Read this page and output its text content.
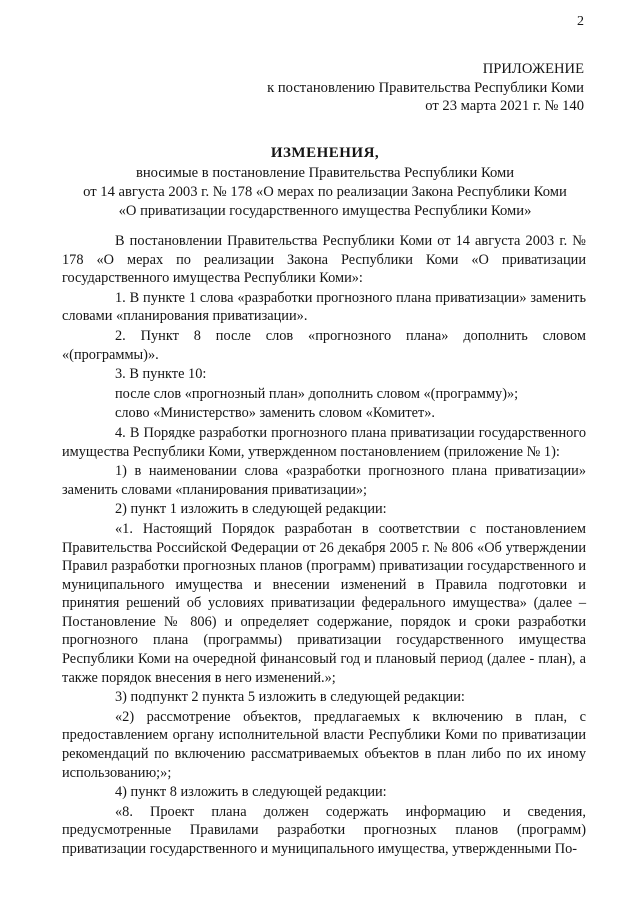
2
ПРИЛОЖЕНИЕ
к постановлению Правительства Республики Коми
от 23 марта 2021 г. № 140
ИЗМЕНЕНИЯ,
вносимые в постановление Правительства Республики Коми
от 14 августа 2003 г. № 178 «О мерах по реализации Закона Республики Коми
«О приватизации государственного имущества Республики Коми»

В постановлении Правительства Республики Коми от 14 августа 2003 г. № 178 «О мерах по реализации Закона Республики Коми «О приватизации государственного имущества Республики Коми»:

1. В пункте 1 слова «разработки прогнозного плана приватизации» заменить словами «планирования приватизации».

2. Пункт 8 после слов «прогнозного плана» дополнить словом «(программы)».

3. В пункте 10:

после слов «прогнозный план» дополнить словом «(программу)»;

слово «Министерство» заменить словом «Комитет».

4. В Порядке разработки прогнозного плана приватизации государственного имущества Республики Коми, утвержденном постановлением (приложение № 1):

1) в наименовании слова «разработки прогнозного плана приватизации» заменить словами «планирования приватизации»;

2) пункт 1 изложить в следующей редакции:

«1. Настоящий Порядок разработан в соответствии с постановлением Правительства Российской Федерации от 26 декабря 2005 г. № 806 «Об утверждении Правил разработки прогнозных планов (программ) приватизации государственного и муниципального имущества и внесении изменений в Правила подготовки и принятия решений об условиях приватизации федерального имущества» (далее – Постановление № 806) и определяет содержание, порядок и сроки разработки прогнозного плана (программы) приватизации государственного имущества Республики Коми на очередной финансовый год и плановый период (далее - план), а также порядок внесения в него изменений.»;

3) подпункт 2 пункта 5 изложить в следующей редакции:

«2) рассмотрение объектов, предлагаемых к включению в план, с предоставлением органу исполнительной власти Республики Коми по приватизации рекомендаций по включению рассматриваемых объектов в план либо по их иному использованию;»;

4) пункт 8 изложить в следующей редакции:

«8. Проект плана должен содержать информацию и сведения, предусмотренные Правилами разработки прогнозных планов (программ) приватизации государственного и муниципального имущества, утвержденными По-
